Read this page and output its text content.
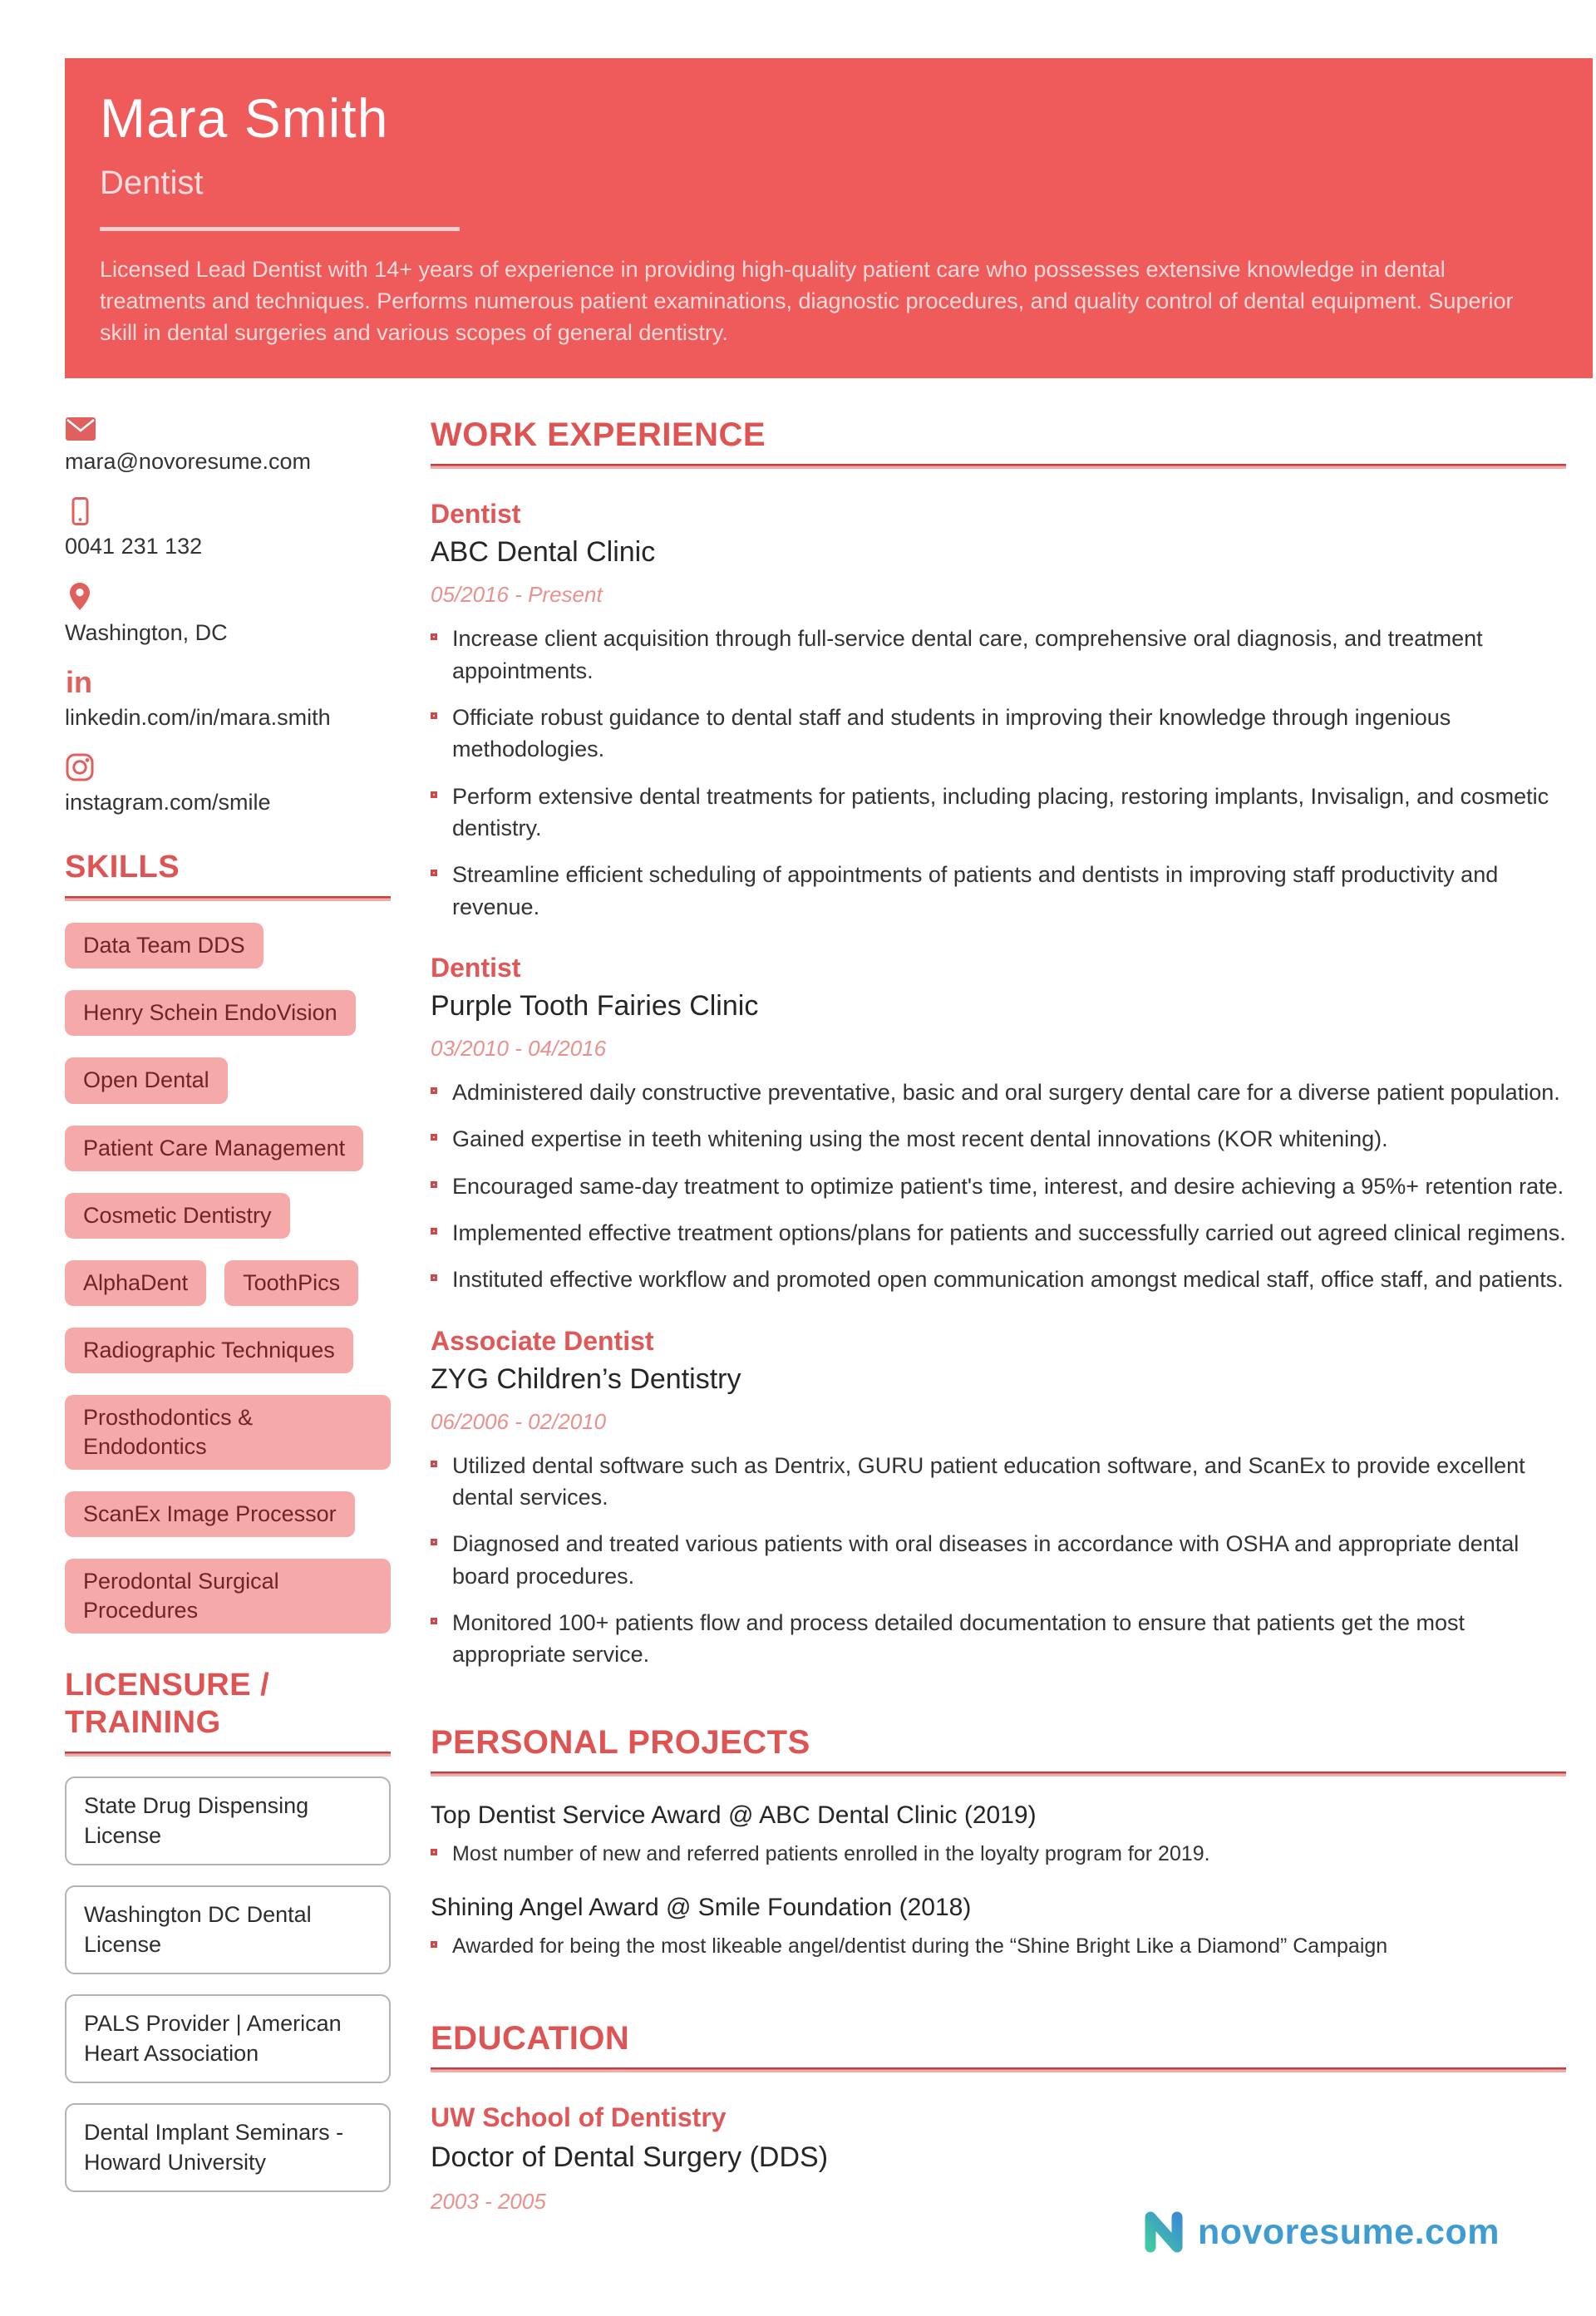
Mara Smith
Dentist
Licensed Lead Dentist with 14+ years of experience in providing high-quality patient care who possesses extensive knowledge in dental treatments and techniques. Performs numerous patient examinations, diagnostic procedures, and quality control of dental equipment. Superior skill in dental surgeries and various scopes of general dentistry.
mara@novoresume.com
0041 231 132
Washington, DC
in
linkedin.com/in/mara.smith
instagram.com/smile
SKILLS
Data Team DDS
Henry Schein EndoVision
Open Dental
Patient Care Management
Cosmetic Dentistry
AlphaDent	ToothPics
Radiographic Techniques
Prosthodontics & Endodontics
ScanEx Image Processor
Perodontal Surgical Procedures
LICENSURE / TRAINING
State Drug Dispensing License
Washington DC Dental License
PALS Provider | American Heart Association
Dental Implant Seminars - Howard University
WORK EXPERIENCE
Dentist
ABC Dental Clinic
05/2016 - Present
Increase client acquisition through full-service dental care, comprehensive oral diagnosis, and treatment appointments.
Officiate robust guidance to dental staff and students in improving their knowledge through ingenious methodologies.
Perform extensive dental treatments for patients, including placing, restoring implants, Invisalign, and cosmetic dentistry.
Streamline efficient scheduling of appointments of patients and dentists in improving staff productivity and revenue.
Dentist
Purple Tooth Fairies Clinic
03/2010 - 04/2016
Administered daily constructive preventative, basic and oral surgery dental care for a diverse patient population.
Gained expertise in teeth whitening using the most recent dental innovations (KOR whitening).
Encouraged same-day treatment to optimize patient's time, interest, and desire achieving a 95%+ retention rate.
Implemented effective treatment options/plans for patients and successfully carried out agreed clinical regimens.
Instituted effective workflow and promoted open communication amongst medical staff, office staff, and patients.
Associate Dentist
ZYG Children’s Dentistry
06/2006 - 02/2010
Utilized dental software such as Dentrix, GURU patient education software, and ScanEx to provide excellent dental services.
Diagnosed and treated various patients with oral diseases in accordance with OSHA and appropriate dental board procedures.
Monitored 100+ patients flow and process detailed documentation to ensure that patients get the most appropriate service.
PERSONAL PROJECTS
Top Dentist Service Award @ ABC Dental Clinic (2019)
Most number of new and referred patients enrolled in the loyalty program for 2019.
Shining Angel Award @ Smile Foundation (2018)
Awarded for being the most likeable angel/dentist during the “Shine Bright Like a Diamond” Campaign
EDUCATION
UW School of Dentistry
Doctor of Dental Surgery (DDS)
2003 - 2005
novoresume.com
